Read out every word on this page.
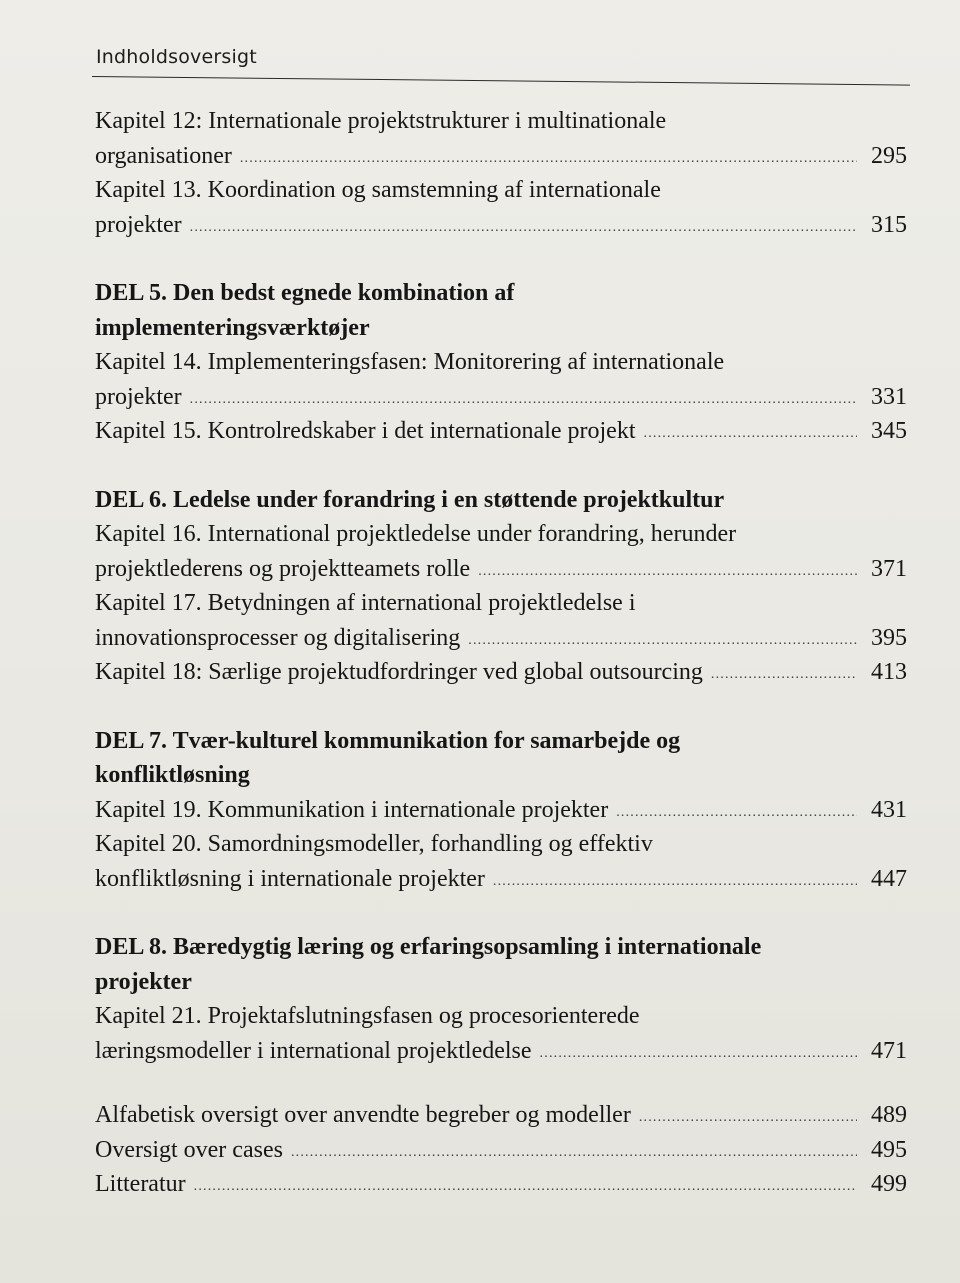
Indholdsoversigt
Kapitel 12: Internationale projektstrukturer i multinationale
organisationer .....	295
Kapitel 13. Koordination og samstemning af internationale
projekter .....	315
DEL 5. Den bedst egnede kombination af
implementeringsværktøjer
Kapitel 14. Implementeringsfasen: Monitorering af internationale
projekter .....	331
Kapitel 15. Kontrolredskaber i det internationale projekt .....	345
DEL 6. Ledelse under forandring i en støttende projektkultur
Kapitel 16. International projektledelse under forandring, herunder
projektlederens og projektteamets rolle .....	371
Kapitel 17. Betydningen af international projektledelse i
innovationsprocesser og digitalisering .....	395
Kapitel 18: Særlige projektudfordringer ved global outsourcing .....	413
DEL 7. Tvær-kulturel kommunikation for samarbejde og
konfliktløsning
Kapitel 19. Kommunikation i internationale projekter .....	431
Kapitel 20. Samordningsmodeller, forhandling og effektiv
konfliktløsning i internationale projekter .....	447
DEL 8. Bæredygtig læring og erfaringsopsamling i internationale
projekter
Kapitel 21. Projektafslutningsfasen og procesorienterede
læringsmodeller i international projektledelse .....	471
Alfabetisk oversigt over anvendte begreber og modeller .....	489
Oversigt over cases .....	495
Litteratur .....	499
